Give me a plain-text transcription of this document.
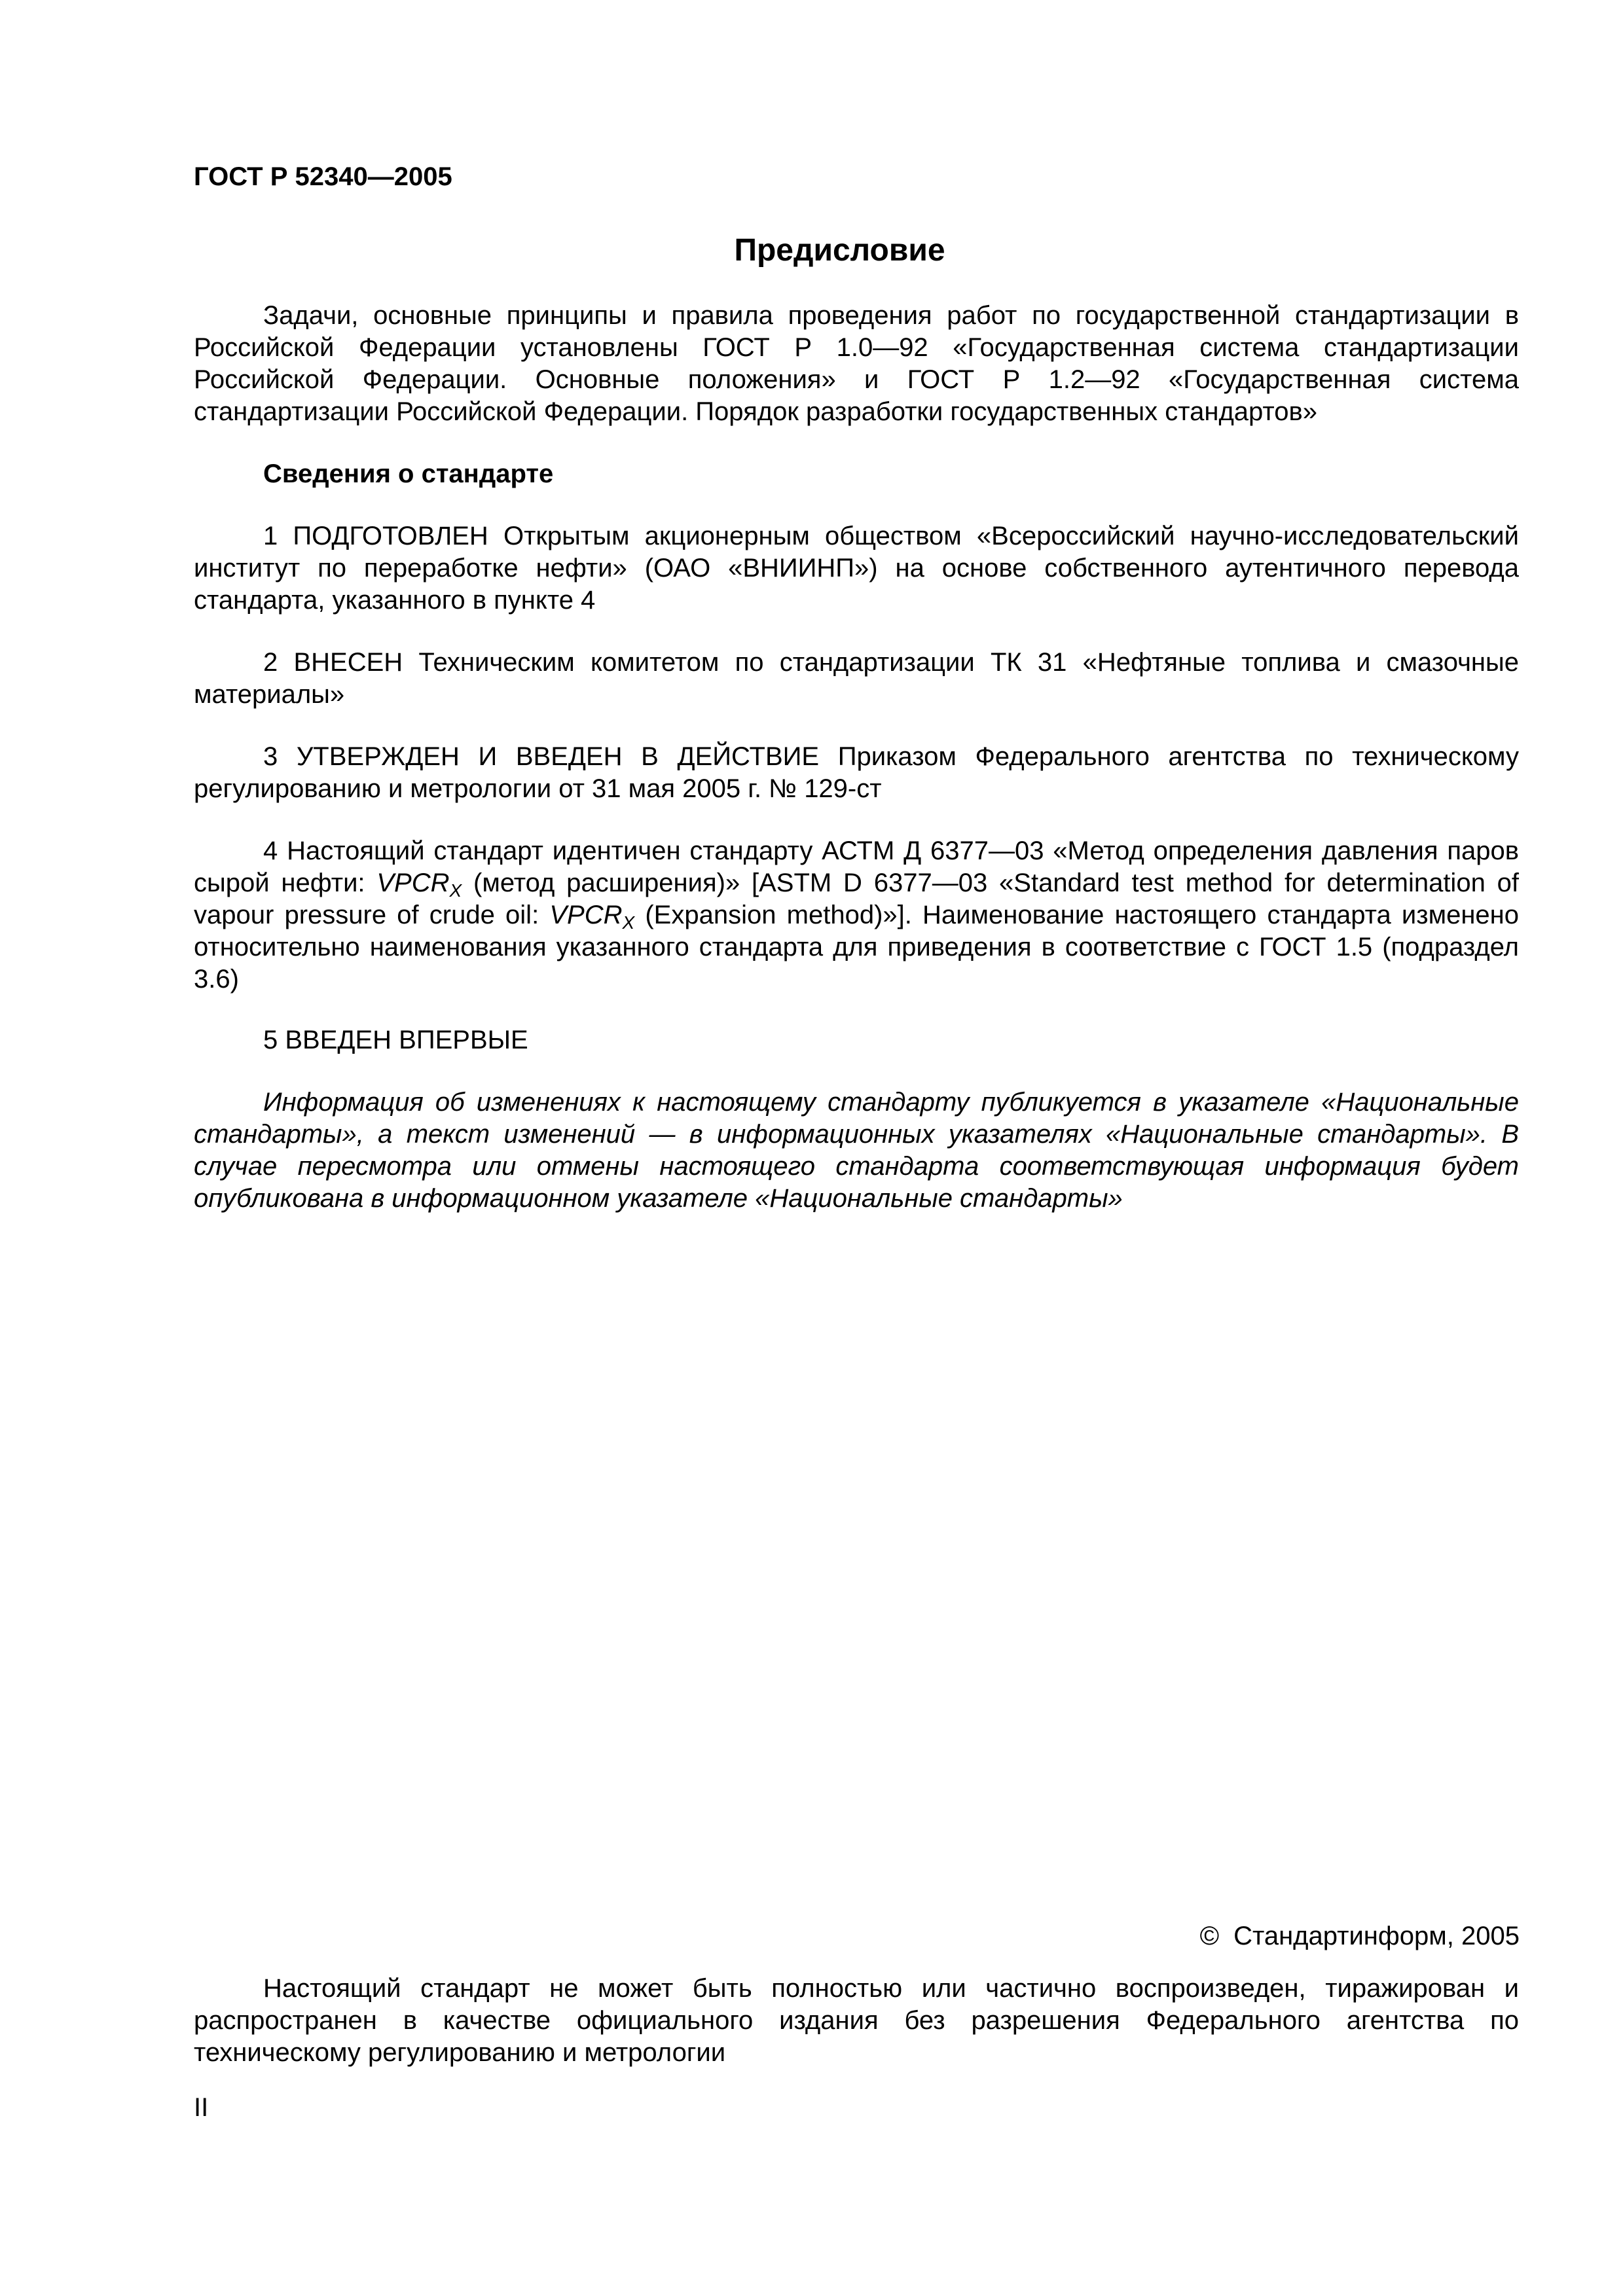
ГОСТ Р 52340—2005
Предисловие

Задачи, основные принципы и правила проведения работ по государственной стандартизации в Российской Федерации установлены ГОСТ Р 1.0—92 «Государственная система стандартизации Российской Федерации. Основные положения» и ГОСТ Р 1.2—92 «Государственная система стандартизации Российской Федерации. Порядок разработки государственных стандартов»

Сведения о стандарте

1 ПОДГОТОВЛЕН Открытым акционерным обществом «Всероссийский научно-исследовательский институт по переработке нефти» (ОАО «ВНИИНП») на основе собственного аутентичного перевода стандарта, указанного в пункте 4

2 ВНЕСЕН Техническим комитетом по стандартизации ТК 31 «Нефтяные топлива и смазочные материалы»

3 УТВЕРЖДЕН И ВВЕДЕН В ДЕЙСТВИЕ Приказом Федерального агентства по техническому регулированию и метрологии от 31 мая 2005 г. № 129-ст

4 Настоящий стандарт идентичен стандарту АСТМ Д 6377—03 «Метод определения давления паров сырой нефти: $VPCR_X$ (метод расширения)» [ASTM D 6377—03 «Standard test method for determination of vapour pressure of crude oil: $VPCR_X$ (Expansion method)»]. Наименование настоящего стандарта изменено относительно наименования указанного стандарта для приведения в соответствие с ГОСТ 1.5 (подраздел 3.6)

5 ВВЕДЕН ВПЕРВЫЕ

Информация об изменениях к настоящему стандарту публикуется в указателе «Национальные стандарты», а текст изменений — в информационных указателях «Национальные стандарты». В случае пересмотра или отмены настоящего стандарта соответствующая информация будет опубликована в информационном указателе «Национальные стандарты»

© Стандартинформ, 2005

Настоящий стандарт не может быть полностью или частично воспроизведен, тиражирован и распространен в качестве официального издания без разрешения Федерального агентства по техническому регулированию и метрологии

II
